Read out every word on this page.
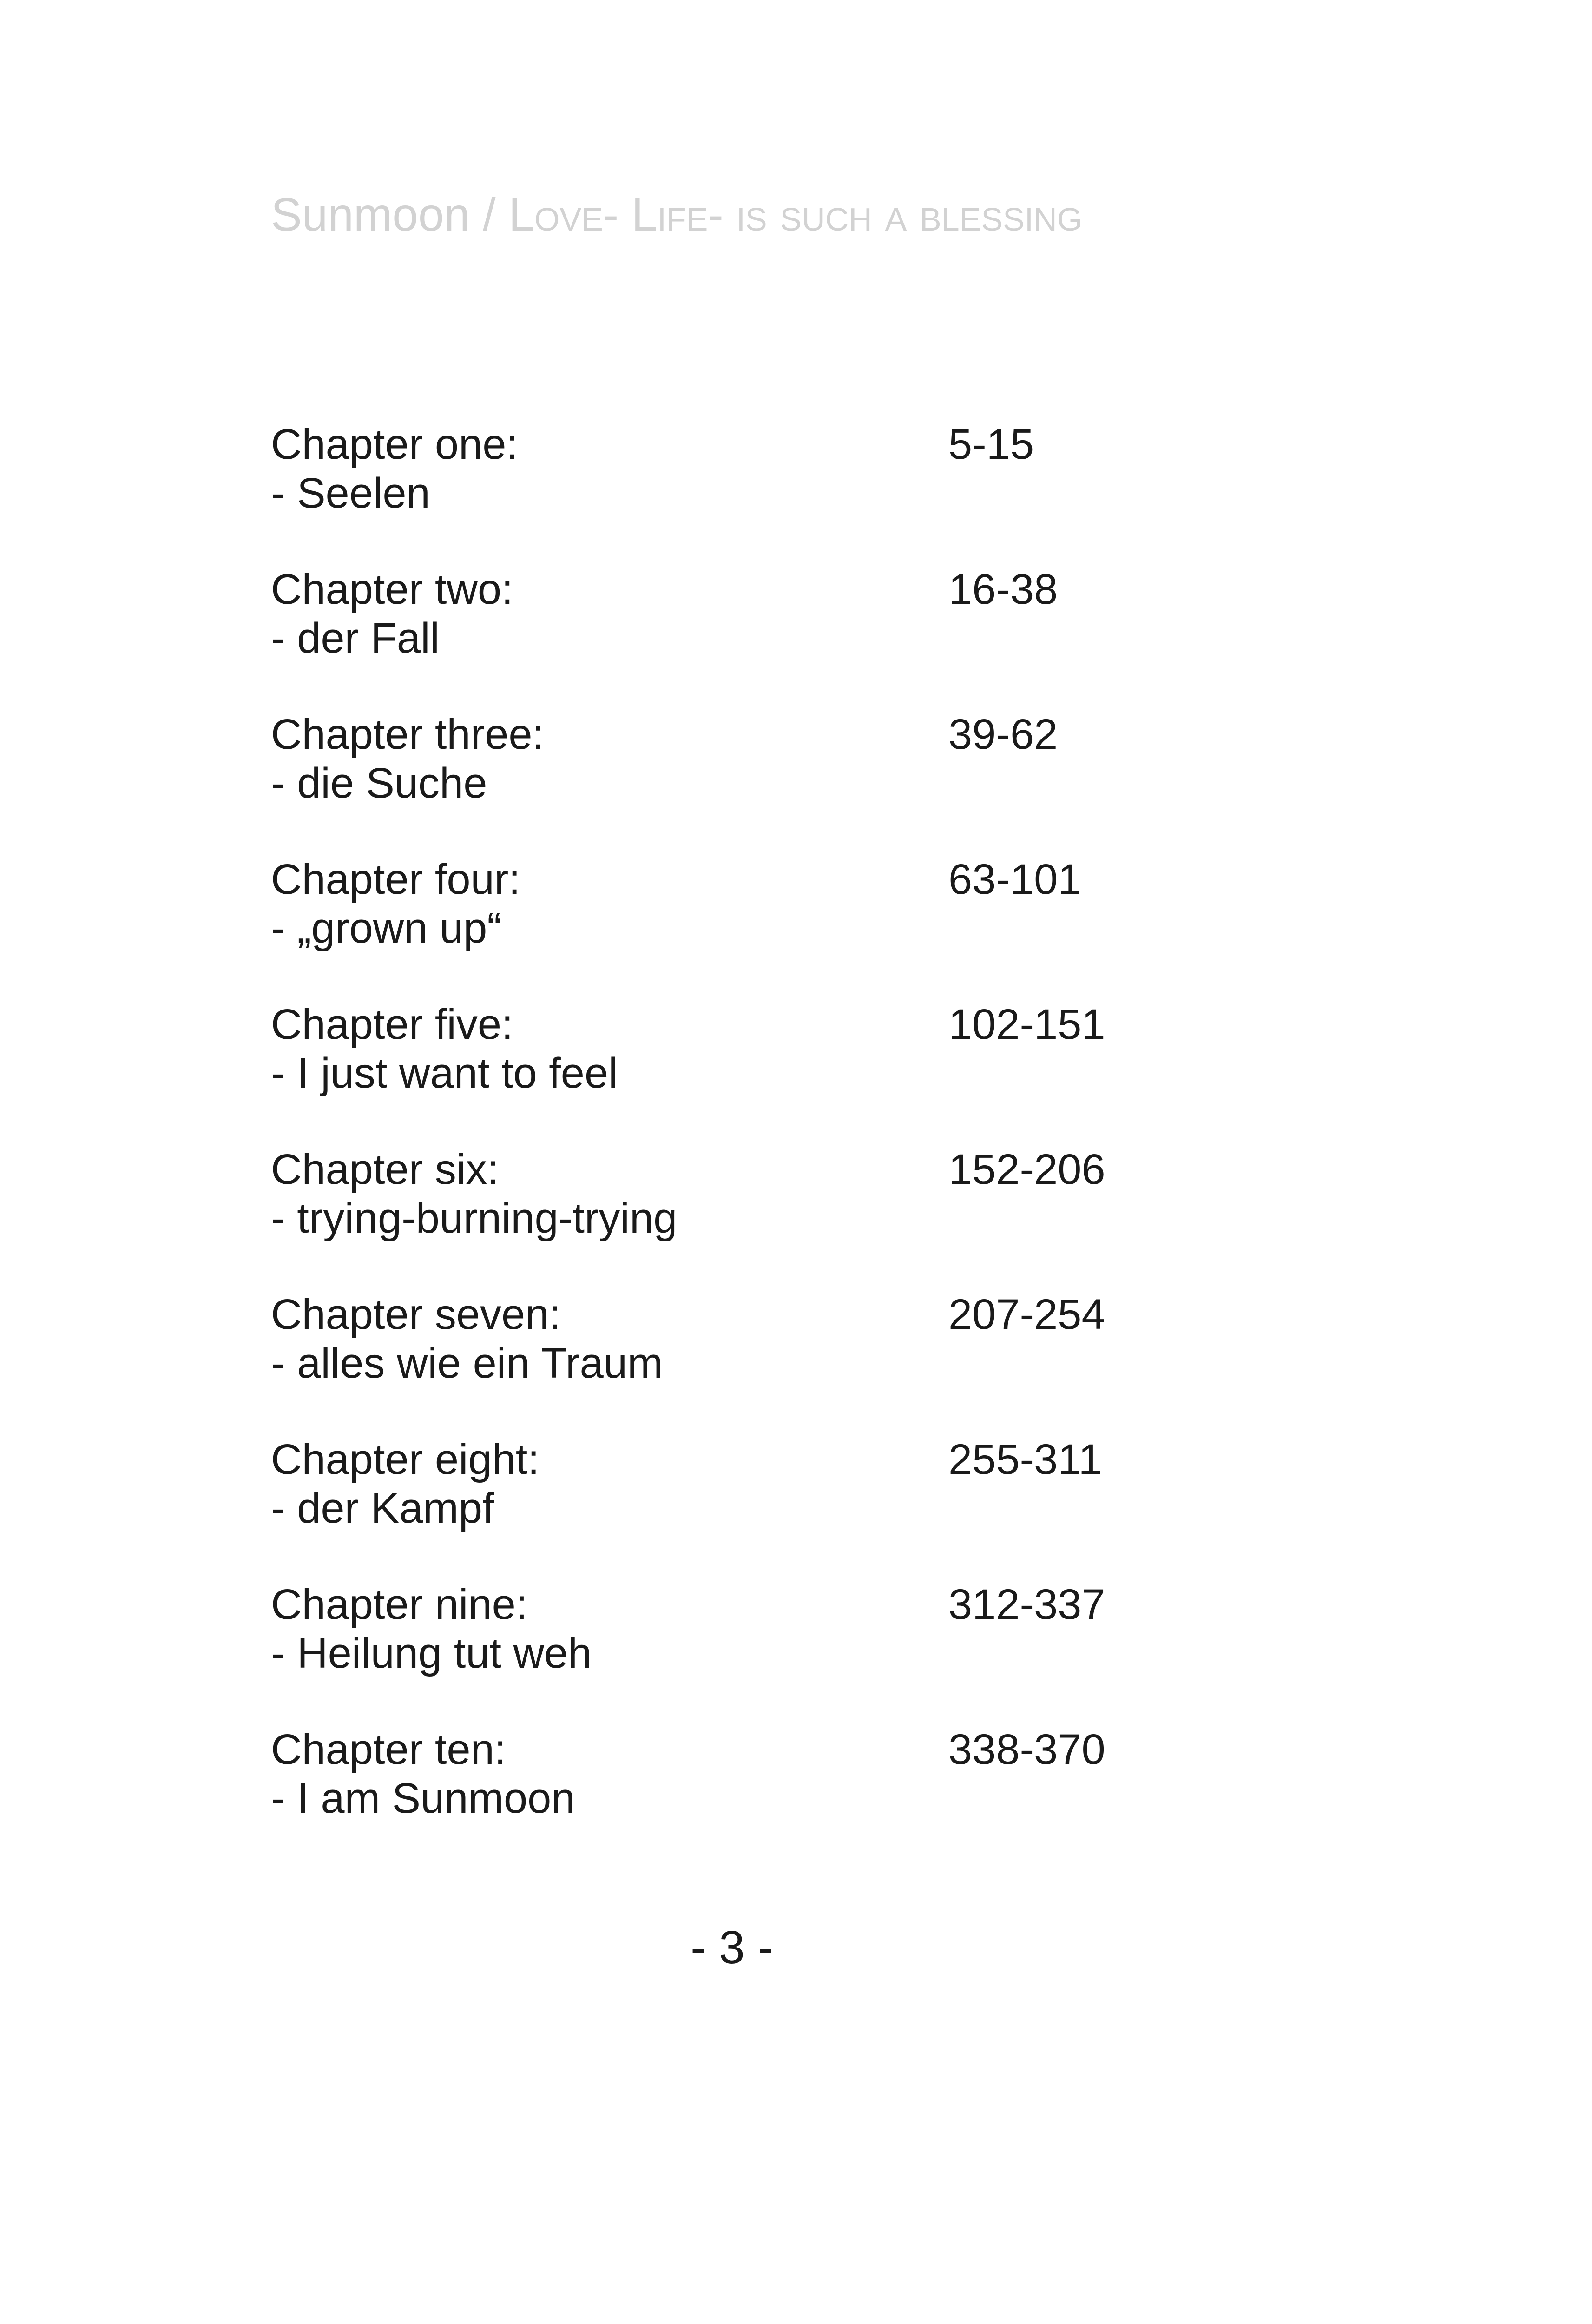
Sunmoon / Love- Life- is such a blessing
Chapter one:
- Seelen
5-15
Chapter two:
- der Fall
16-38
Chapter three:
- die Suche
39-62
Chapter four:
- „grown up“
63-101
Chapter five:
- I just want to feel
102-151
Chapter six:
- trying-burning-trying
152-206
Chapter seven:
- alles wie ein Traum
207-254
Chapter eight:
- der Kampf
255-311
Chapter nine:
- Heilung tut weh
312-337
Chapter ten:
- I am Sunmoon
338-370
- 3 -
